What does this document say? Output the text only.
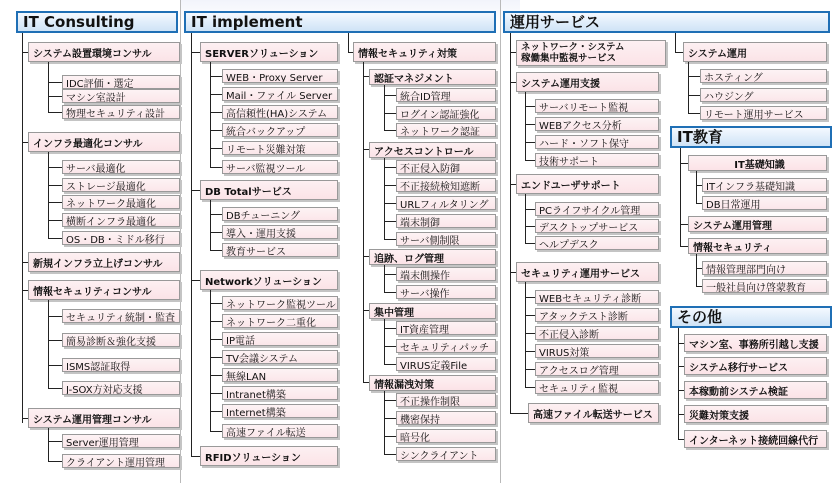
IT Consulting	IT implement	運用サービス
IT教育
その他
システム設置環境コンサル
IDC評価・選定
マシン室設計
物理セキュリティ設計
インフラ最適化コンサル
サーバ最適化
ストレージ最適化
ネットワーク最適化
横断インフラ最適化
OS・DB・ミドル移行
新規インフラ立上げコンサル
情報セキュリティコンサル
セキュリティ統制・監査
簡易診断＆強化支援
ISMS認証取得
J-SOX方対応支援
システム運用管理コンサル
Server運用管理
クライアント運用管理
SERVERソリューション
WEB・Proxy Server
Mail・ファイル Server
高信頼性(HA)システム
統合バックアップ
リモート災難対策
サーバ監視ツール
DB Totalサービス
DBチューニング
導入・運用支援
教育サービス
Networkソリューション
ネットワーク監視ツール
ネットワーク二重化
IP電話
TV会議システム
無線LAN
Intranet構築
Internet構築
高速ファイル転送
RFIDソリューション
情報セキュリティ対策
認証マネジメント
統合ID管理
ログイン認証強化
ネットワーク認証
アクセスコントロール
不正侵入防御
不正接続検知遮断
URLフィルタリング
端末制御
サーバ側制限
追跡、ログ管理
端末側操作
サーバ操作
集中管理
IT資産管理
セキュリティパッチ
VIRUS定義File
情報漏洩対策
不正操作制限
機密保持
暗号化
シンクライアント
ネットワーク・システム
稼働集中監視サービス
システム運用支援
サーバリモート監視
WEBアクセス分析
ハード・ソフト保守
技術サポート
エンドユーザサポート
PCライフサイクル管理
デスクトップサービス
ヘルプデスク
セキュリティ運用サービス
WEBセキュリティ診断
アタックテスト診断
不正侵入診断
VIRUS対策
アクセスログ管理
セキュリティ監視
高速ファイル転送サービス
システム運用
ホスティング
ハウジング
リモート運用サービス
IT基礎知識
ITインフラ基礎知識
DB日常運用
システム運用管理
情報セキュリティ
情報管理部門向け
一般社員向け啓蒙教育
マシン室、事務所引越し支援
システム移行サービス
本稼動前システム検証
災難対策支援
インターネット接続回線代行
